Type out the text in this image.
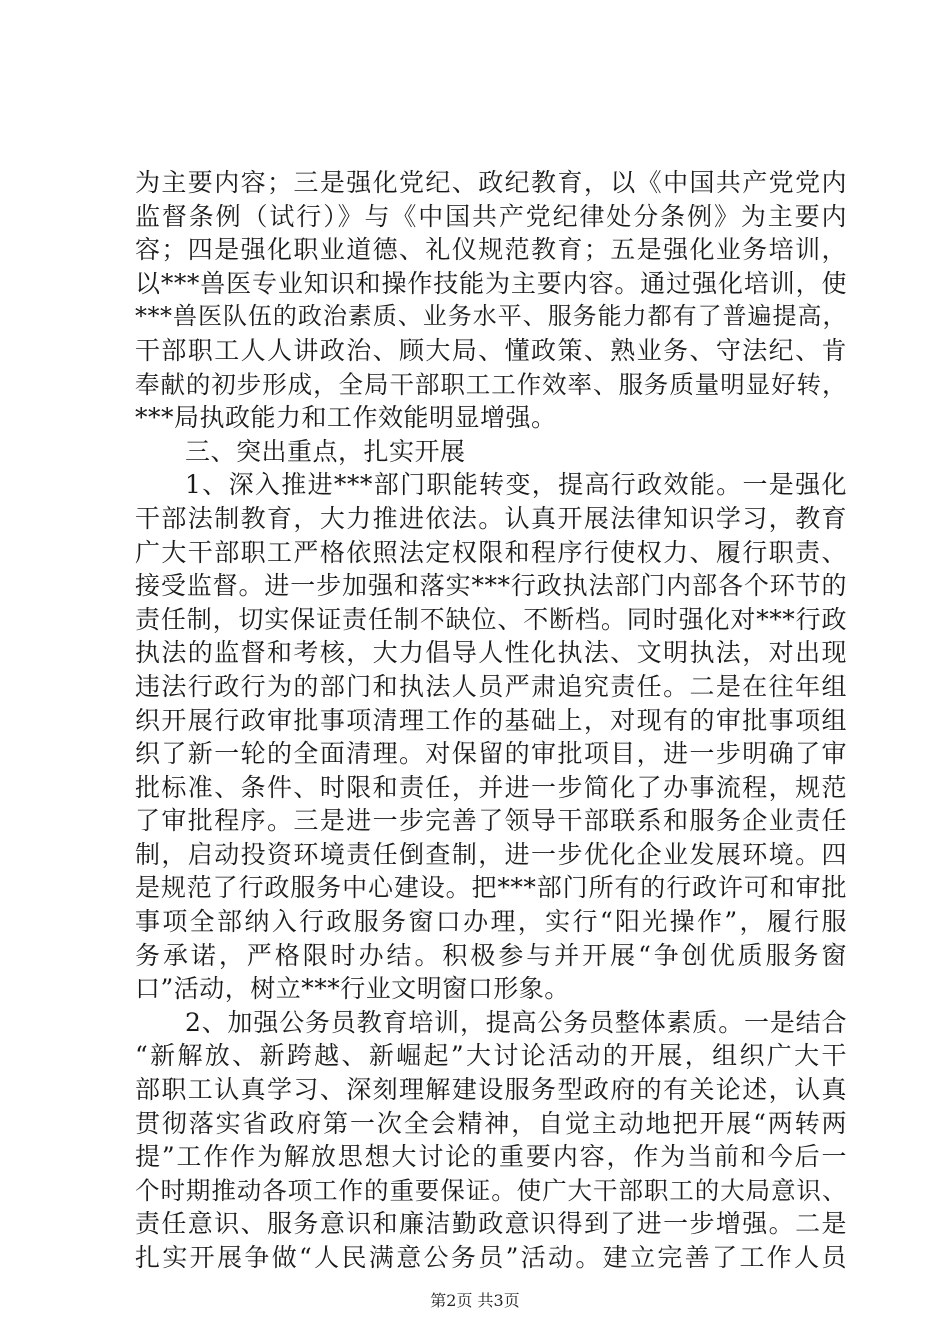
为主要内容；三是强化党纪、政纪教育，以《中国共产党党内
监督条例（试行）》与《中国共产党纪律处分条例》为主要内
容；四是强化职业道德、礼仪规范教育；五是强化业务培训，
以***兽医专业知识和操作技能为主要内容。通过强化培训，使
***兽医队伍的政治素质、业务水平、服务能力都有了普遍提高，
干部职工人人讲政治、顾大局、懂政策、熟业务、守法纪、肯
奉献的初步形成，全局干部职工工作效率、服务质量明显好转，
***局执政能力和工作效能明显增强。
三、突出重点，扎实开展
1、深入推进***部门职能转变，提高行政效能。一是强化
干部法制教育，大力推进依法。认真开展法律知识学习，教育
广大干部职工严格依照法定权限和程序行使权力、履行职责、
接受监督。进一步加强和落实***行政执法部门内部各个环节的
责任制，切实保证责任制不缺位、不断档。同时强化对***行政
执法的监督和考核，大力倡导人性化执法、文明执法，对出现
违法行政行为的部门和执法人员严肃追究责任。二是在往年组
织开展行政审批事项清理工作的基础上，对现有的审批事项组
织了新一轮的全面清理。对保留的审批项目，进一步明确了审
批标准、条件、时限和责任，并进一步简化了办事流程，规范
了审批程序。三是进一步完善了领导干部联系和服务企业责任
制，启动投资环境责任倒查制，进一步优化企业发展环境。四
是规范了行政服务中心建设。把***部门所有的行政许可和审批
事项全部纳入行政服务窗口办理，实行“阳光操作”，履行服
务承诺，严格限时办结。积极参与并开展“争创优质服务窗
口”活动，树立***行业文明窗口形象。
2、加强公务员教育培训，提高公务员整体素质。一是结合
“新解放、新跨越、新崛起”大讨论活动的开展，组织广大干
部职工认真学习、深刻理解建设服务型政府的有关论述，认真
贯彻落实省政府第一次全会精神，自觉主动地把开展“两转两
提”工作作为解放思想大讨论的重要内容，作为当前和今后一
个时期推动各项工作的重要保证。使广大干部职工的大局意识、
责任意识、服务意识和廉洁勤政意识得到了进一步增强。二是
扎实开展争做“人民满意公务员”活动。建立完善了工作人员
第2页 共3页
